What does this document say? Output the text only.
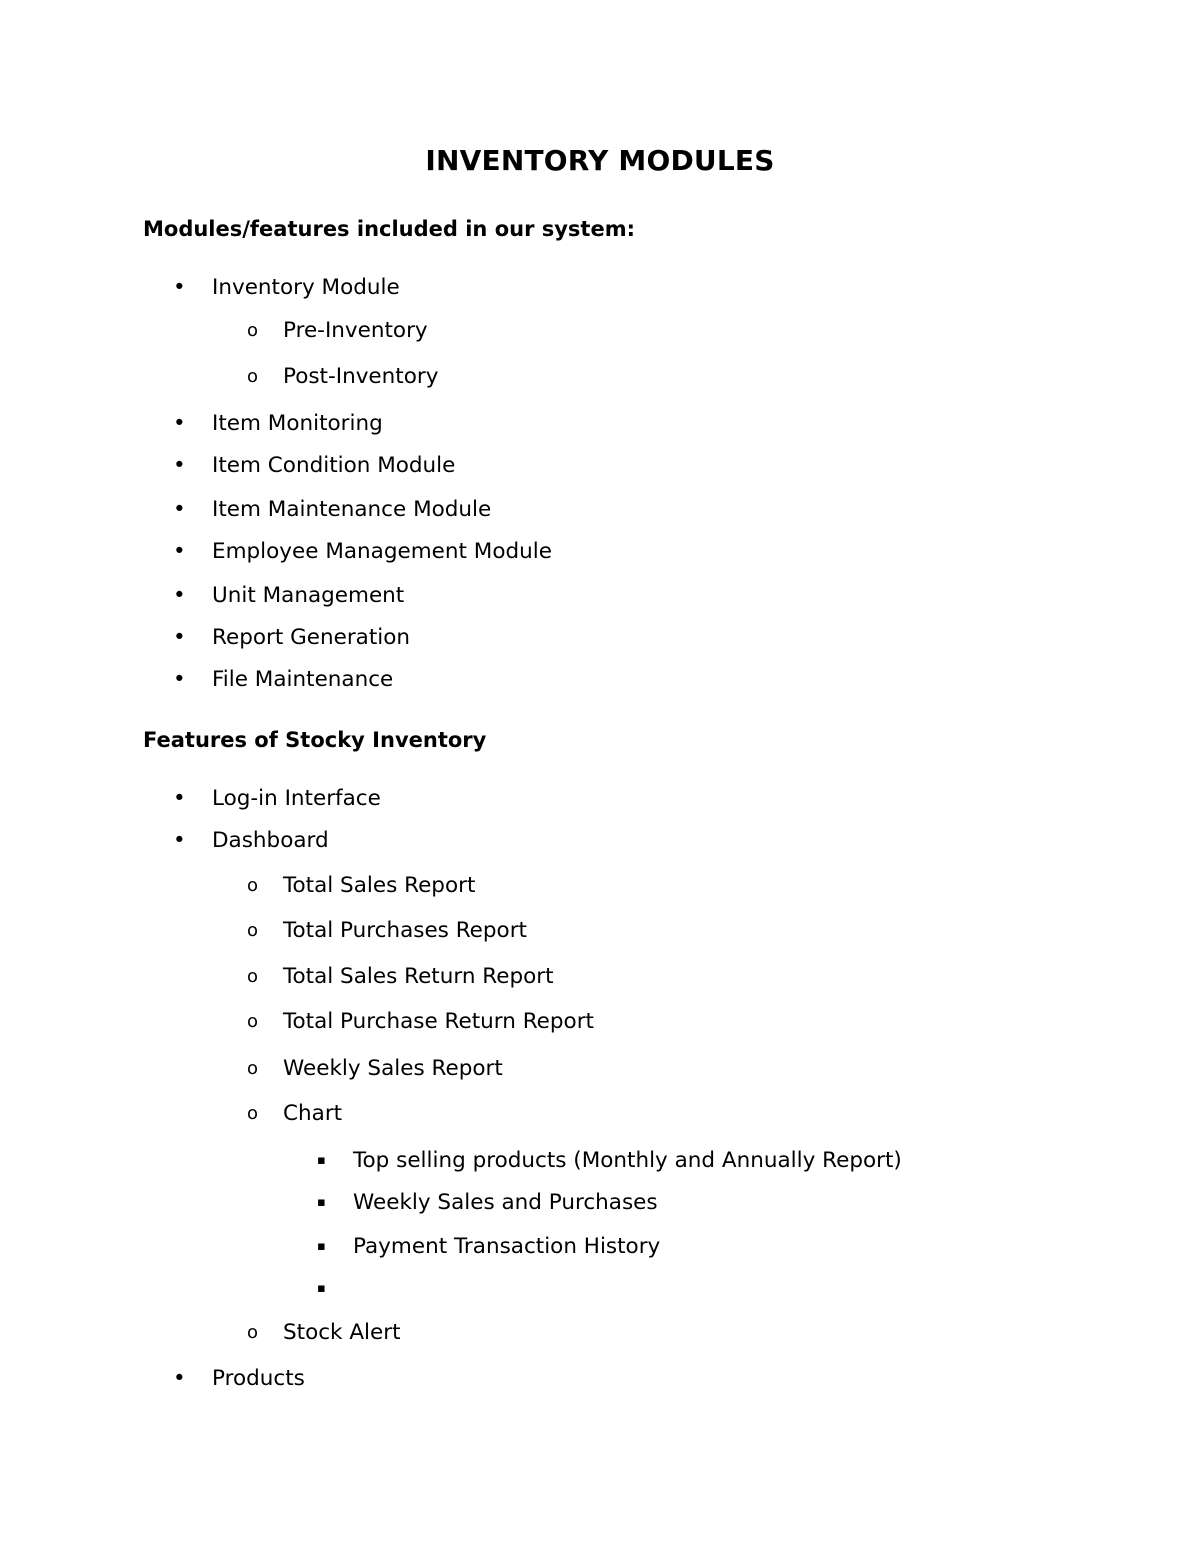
INVENTORY MODULES
Modules/features included in our system:
• Inventory Module
o Pre-Inventory
o Post-Inventory
• Item Monitoring
• Item Condition Module
• Item Maintenance Module
• Employee Management Module
• Unit Management
• Report Generation
• File Maintenance
Features of Stocky Inventory
• Log-in Interface
• Dashboard
o Total Sales Report
o Total Purchases Report
o Total Sales Return Report
o Total Purchase Return Report
o Weekly Sales Report
o Chart
▪ Top selling products (Monthly and Annually Report)
▪ Weekly Sales and Purchases
▪ Payment Transaction History
▪
o Stock Alert
• Products
